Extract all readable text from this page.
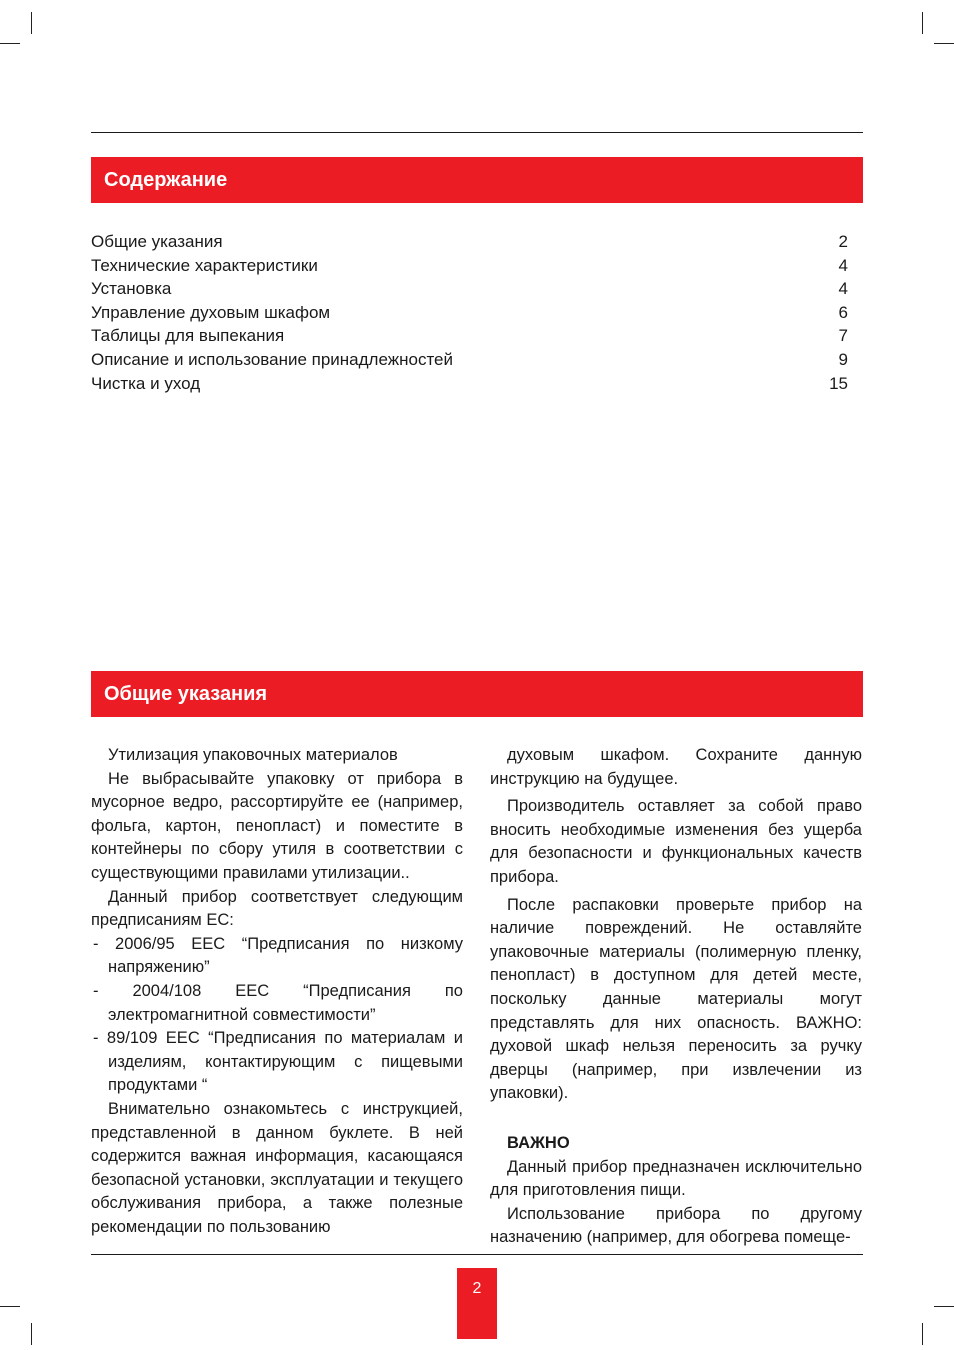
Содержание
Общие указания	2
Технические характеристики	4
Установка	4
Управление духовым шкафом	6
Таблицы для выпекания	7
Описание и использование принадлежностей	9
Чистка и уход	15
Общие указания

Утилизация упаковочных материалов

Не выбрасывайте упаковку от прибора в мусорное ведро, рассортируйте ее (например, фольга, картон, пенопласт) и поместите в контейнеры по сбору утиля в соответствии с существующими правилами утилизации..

Данный прибор соответствует следующим предписаниям ЕС:

- 2006/95 EEC “Предписания по низкому напряжению”

- 2004/108 EEC “Предписания по электромагнитной совместимости”

- 89/109 EEC “Предписания по материалам и изделиям, контактирующим с пищевыми продуктами “

Внимательно ознакомьтесь с инструкцией, представленной в данном буклете. В ней содержится важная информация, касающаяся безопасной установки, эксплуатации и текущего обслуживания прибора, а также полезные рекомендации по пользованию

духовым шкафом. Сохраните данную инструкцию на будущее.

Производитель оставляет за собой право вносить необходимые изменения без ущерба для безопасности и функциональных качеств прибора.

После распаковки проверьте прибор на наличие повреждений. Не оставляйте упаковочные материалы (полимерную пленку, пенопласт) в доступном для детей месте, поскольку данные материалы могут представлять для них опасность. ВАЖНО: духовой шкаф нельзя переносить за ручку дверцы (например, при извлечении из упаковки).

ВАЖНО

Данный прибор предназначен исключительно для приготовления пищи.

Использование прибора по другому назначению (например, для обогрева помеще-

2
